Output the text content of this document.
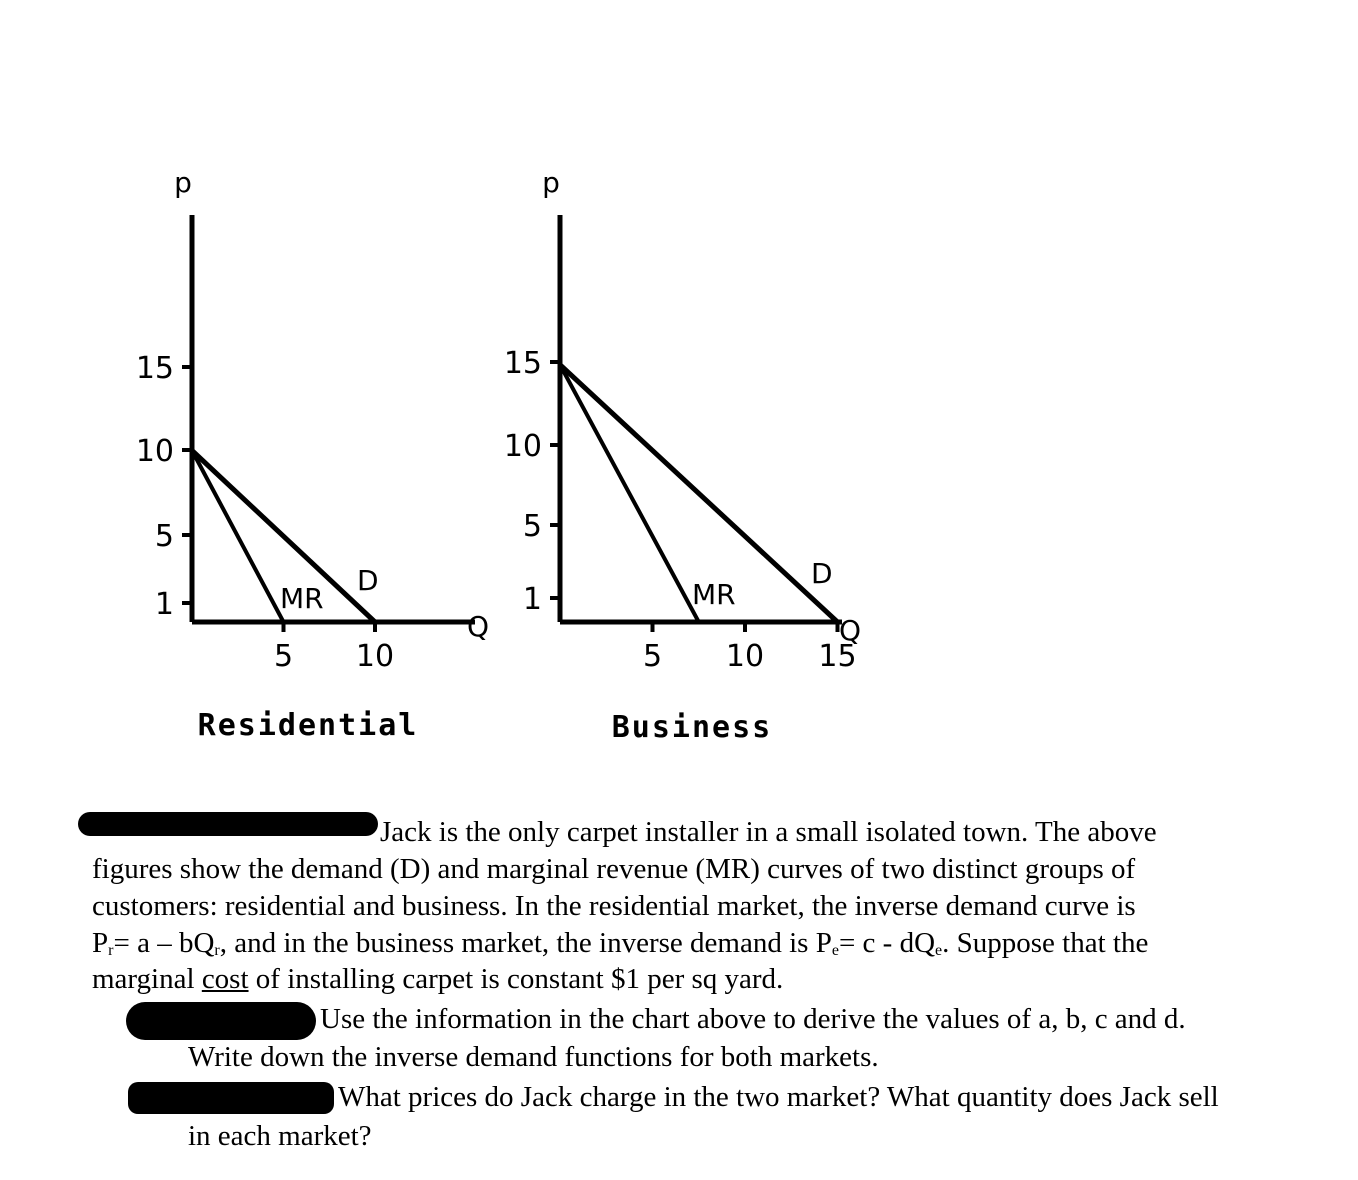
p
Q
15
10
5
1
5 10
D
MR
Residential
p
Q
15
10
5
1
5 10 15
D
MR
Business
Jack is the only carpet installer in a small isolated town. The above
figures show the demand (D) and marginal revenue (MR) curves of two distinct groups of
customers: residential and business. In the residential market, the inverse demand curve is
$P_r= a - bQ_r$, and in the business market, the inverse demand is $P_e= c - dQ_e$. Suppose that the
marginal cost of installing carpet is constant $1 per sq yard.
Use the information in the chart above to derive the values of a, b, c and d.
Write down the inverse demand functions for both markets.
What prices do Jack charge in the two market? What quantity does Jack sell
in each market?
